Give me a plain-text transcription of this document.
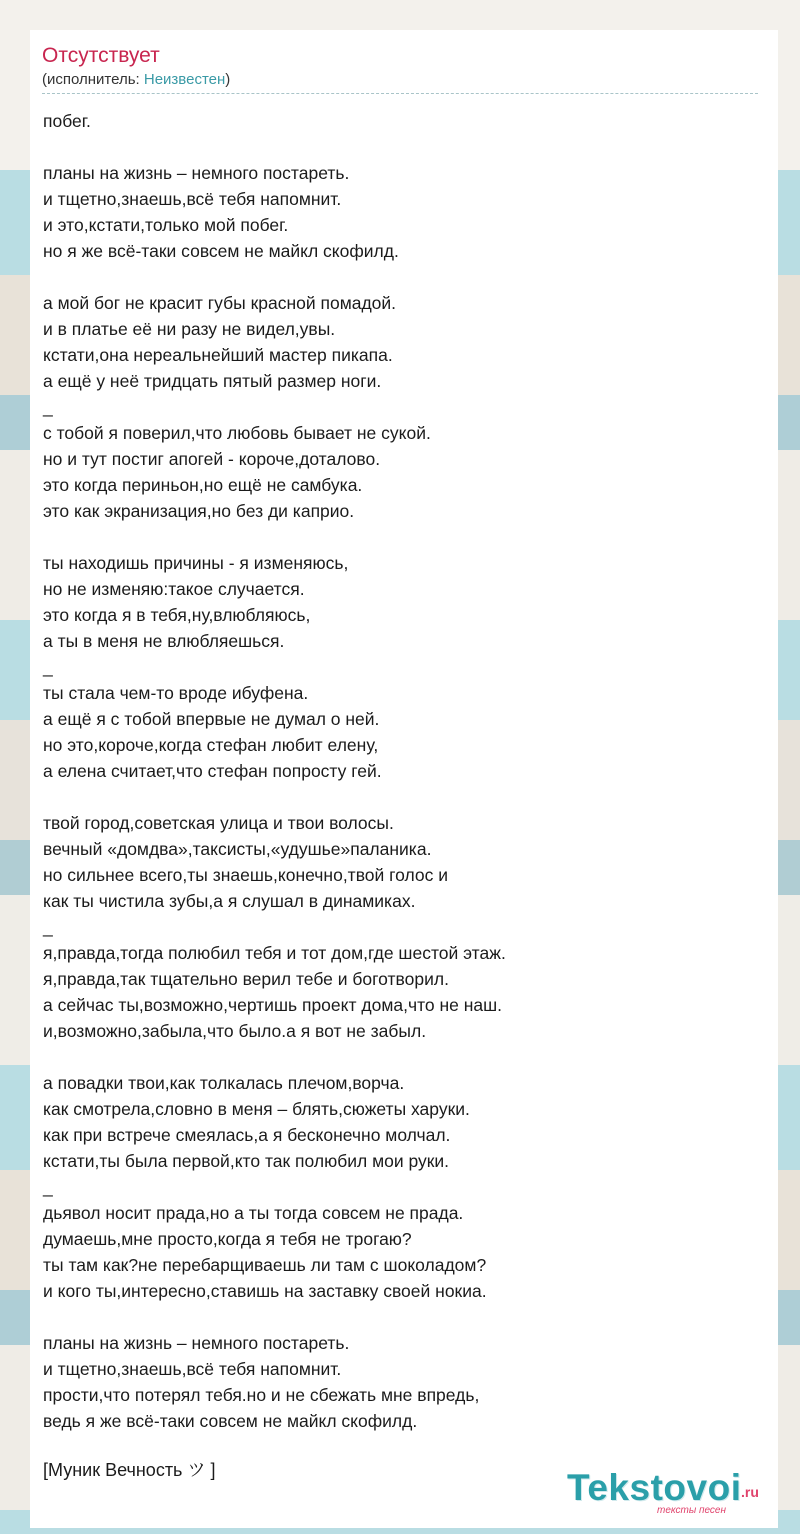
Отсутствует
(исполнитель: Неизвестен)
побег.

планы на жизнь – немного постареть.
и тщетно,знаешь,всё тебя напомнит.
и это,кстати,только мой побег.
но я же всё-таки совсем не майкл скофилд.

а мой бог не красит губы красной помадой.
и в платье её ни разу не видел,увы.
кстати,она нереальнейший мастер пикапа.
а ещё у неё тридцать пятый размер ноги.
_
с тобой я поверил,что любовь бывает не сукой.
но и тут постиг апогей - короче,доталово.
это когда периньон,но ещё не самбука.
это как экранизация,но без ди каприо.

ты находишь причины - я изменяюсь,
но не изменяю:такое случается.
это когда я в тебя,ну,влюбляюсь,
а ты в меня не влюбляешься.
_
ты стала чем-то вроде ибуфена.
а ещё я с тобой впервые не думал о ней.
но это,короче,когда стефан любит елену,
а елена считает,что стефан попросту гей.

твой город,советская улица и твои волосы.
вечный «домдва»,таксисты,«удушье»паланика.
но сильнее всего,ты знаешь,конечно,твой голос и
как ты чистила зубы,а я слушал в динамиках.
_
я,правда,тогда полюбил тебя и тот дом,где шестой этаж.
я,правда,так тщательно верил тебе и боготворил.
а сейчас ты,возможно,чертишь проект дома,что не наш.
и,возможно,забыла,что было.а я вот не забыл.

а повадки твои,как толкалась плечом,ворча.
как смотрела,словно в меня – блять,сюжеты харуки.
как при встрече смеялась,а я бесконечно молчал.
кстати,ты была первой,кто так полюбил мои руки.
_
дьявол носит прада,но а ты тогда совсем не прада.
думаешь,мне просто,когда я тебя не трогаю?
ты там как?не перебарщиваешь ли там с шоколадом?
и кого ты,интересно,ставишь на заставку своей нокиа.

планы на жизнь – немного постареть.
и тщетно,знаешь,всё тебя напомнит.
прости,что потерял тебя.но и не сбежать мне впредь,
ведь я же всё-таки совсем не майкл скофилд.
[Муник Вечность ツ ]	Tekstovoi .ru
тексты песен
